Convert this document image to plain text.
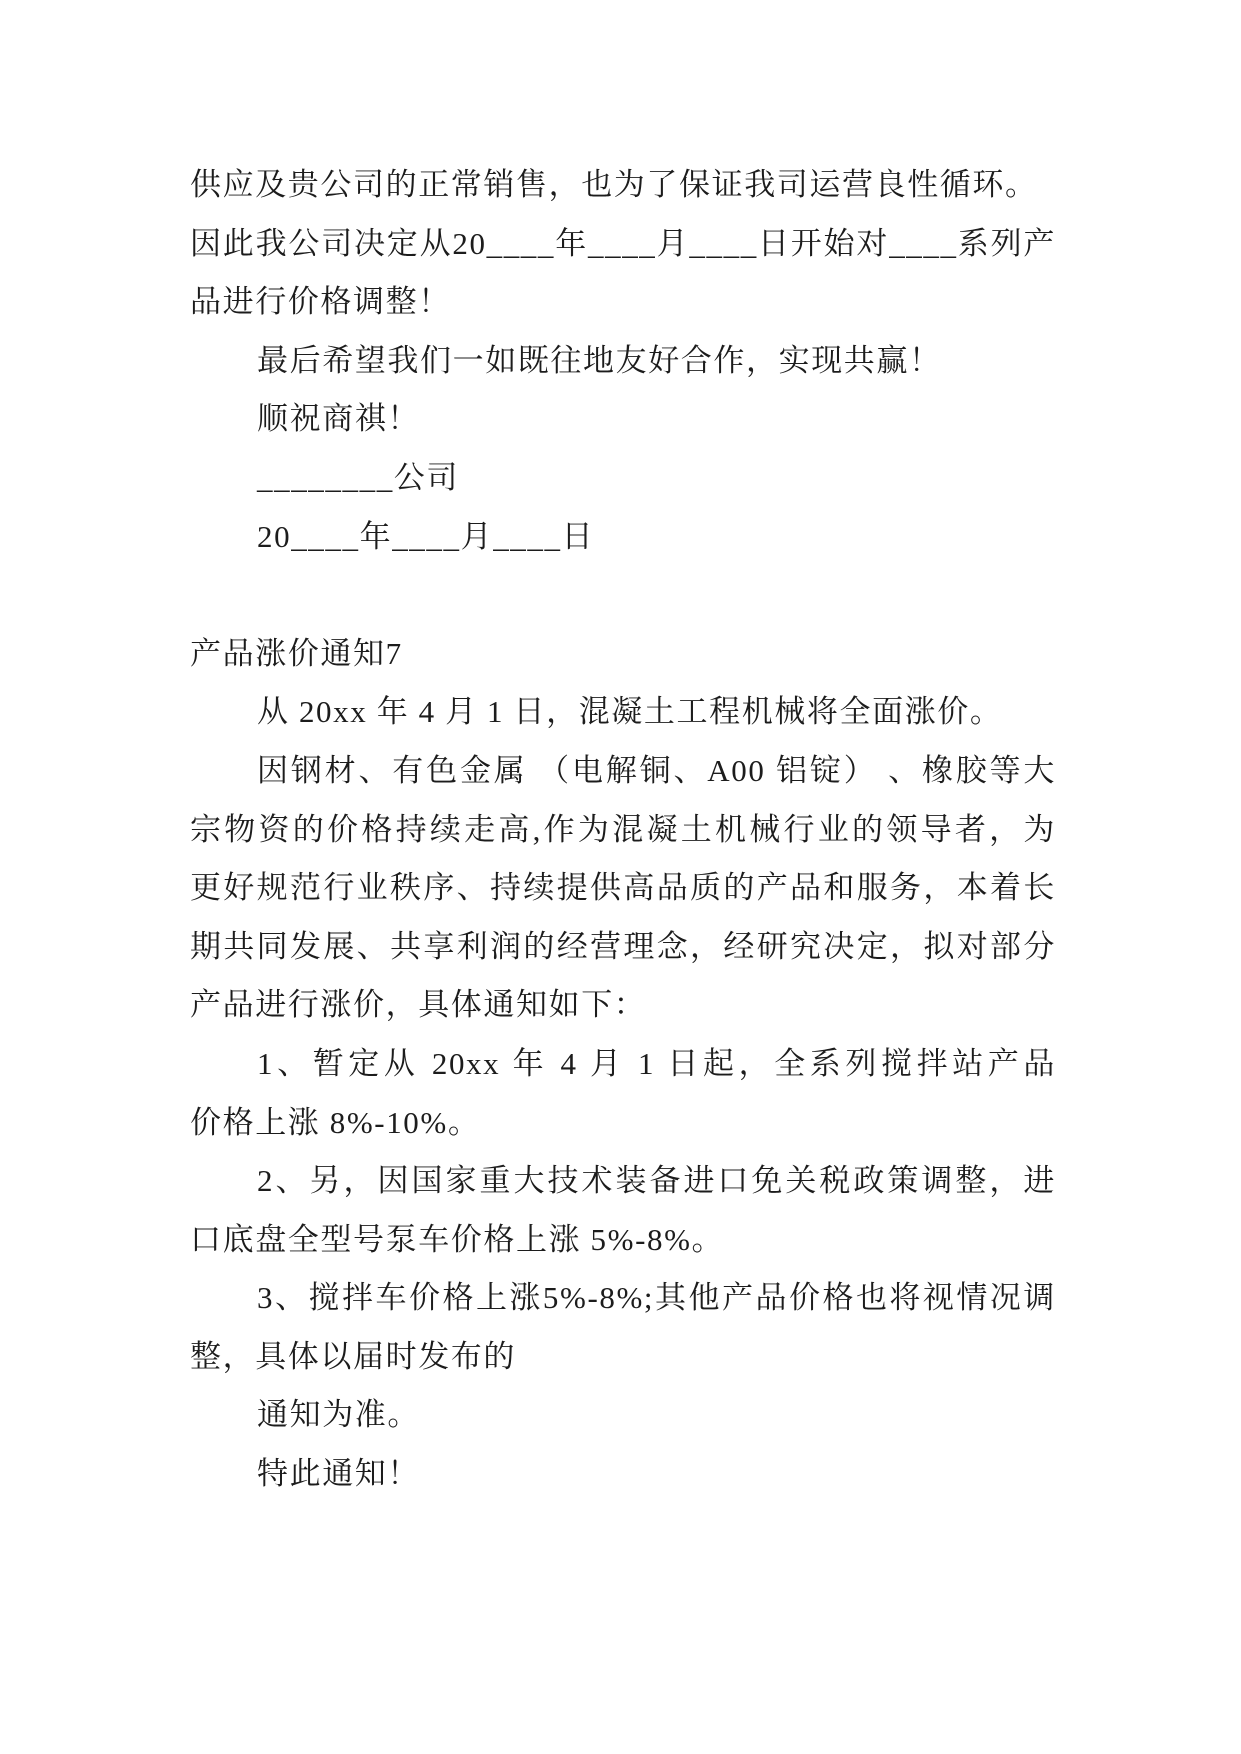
供应及贵公司的正常销售，也为了保证我司运营良性循环。
因此我公司决定从20____年____月____日开始对____系列产
品进行价格调整！
最后希望我们一如既往地友好合作，实现共赢！
顺祝商祺！
________公司
20____年____月____日
产品涨价通知7
从 20xx 年 4 月 1 日，混凝土工程机械将全面涨价。
因钢材、有色金属 （电解铜、A00 铝锭） 、橡胶等大
宗物资的价格持续走高,作为混凝土机械行业的领导者，为
更好规范行业秩序、持续提供高品质的产品和服务，本着长
期共同发展、共享利润的经营理念，经研究决定，拟对部分
产品进行涨价，具体通知如下：
1、暂定从 20xx 年 4 月 1 日起，全系列搅拌站产品
价格上涨 8%-10%。
2、另，因国家重大技术装备进口免关税政策调整，进
口底盘全型号泵车价格上涨 5%-8%。
3、搅拌车价格上涨5%-8%;其他产品价格也将视情况调
整，具体以届时发布的
通知为准。
特此通知！
